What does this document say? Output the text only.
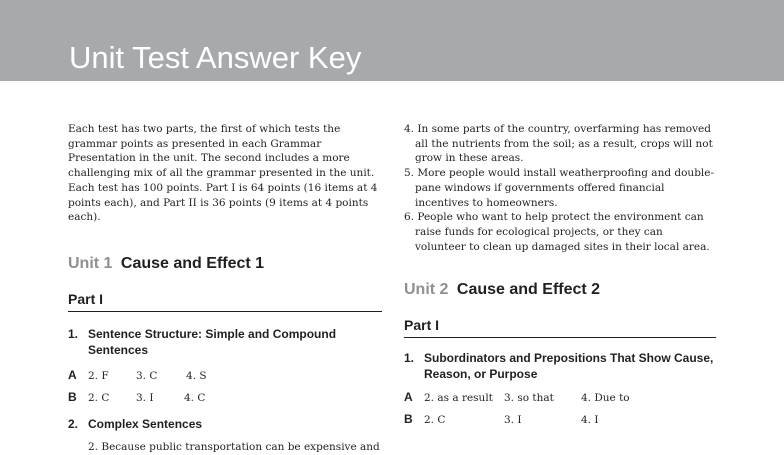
Unit Test Answer Key

Each test has two parts, the first of which tests the grammar points as presented in each Grammar Presentation in the unit. The second includes a more challenging mix of all the grammar presented in the unit. Each test has 100 points. Part I is 64 points (16 items at 4 points each), and Part II is 36 points (9 items at 4 points each).

Unit 1 Cause and Effect 1
Part I
1. Sentence Structure: Simple and Compound Sentences
A	2. F	3. C	4. S
B	2. C	3. I	4. C
2. Complex Sentences
2. Because public transportation can be expensive and
4. In some parts of the country, overfarming has removed all the nutrients from the soil; as a result, crops will not grow in these areas.
5. More people would install weatherproofing and double-pane windows if governments offered financial incentives to homeowners.
6. People who want to help protect the environment can raise funds for ecological projects, or they can volunteer to clean up damaged sites in their local area.
Unit 2 Cause and Effect 2
Part I
1. Subordinators and Prepositions That Show Cause, Reason, or Purpose
A	2. as a result	3. so that	4. Due to
B	2. C	3. I	4. I
